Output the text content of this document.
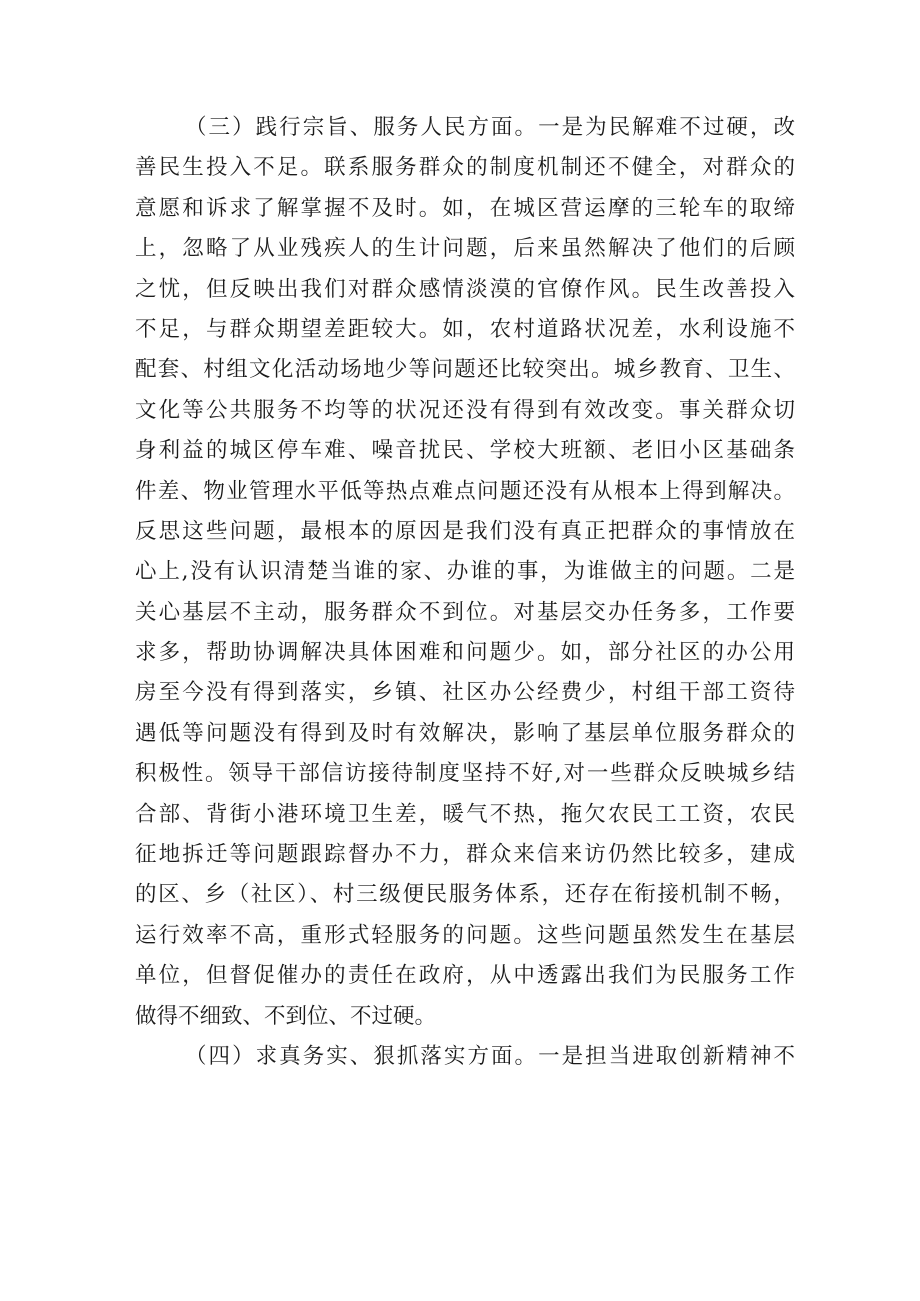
（三）践行宗旨、服务人民方面。一是为民解难不过硬，改
善民生投入不足。联系服务群众的制度机制还不健全，对群众的
意愿和诉求了解掌握不及时。如，在城区营运摩的三轮车的取缔
上，忽略了从业残疾人的生计问题，后来虽然解决了他们的后顾
之忧，但反映出我们对群众感情淡漠的官僚作风。民生改善投入
不足，与群众期望差距较大。如，农村道路状况差，水利设施不
配套、村组文化活动场地少等问题还比较突出。城乡教育、卫生、
文化等公共服务不均等的状况还没有得到有效改变。事关群众切
身利益的城区停车难、噪音扰民、学校大班额、老旧小区基础条
件差、物业管理水平低等热点难点问题还没有从根本上得到解决。
反思这些问题，最根本的原因是我们没有真正把群众的事情放在
心上,没有认识清楚当谁的家、办谁的事，为谁做主的问题。二是
关心基层不主动，服务群众不到位。对基层交办任务多，工作要
求多，帮助协调解决具体困难和问题少。如，部分社区的办公用
房至今没有得到落实，乡镇、社区办公经费少，村组干部工资待
遇低等问题没有得到及时有效解决，影响了基层单位服务群众的
积极性。领导干部信访接待制度坚持不好,对一些群众反映城乡结
合部、背街小港环境卫生差，暖气不热，拖欠农民工工资，农民
征地拆迁等问题跟踪督办不力，群众来信来访仍然比较多，建成
的区、乡（社区）、村三级便民服务体系，还存在衔接机制不畅，
运行效率不高，重形式轻服务的问题。这些问题虽然发生在基层
单位，但督促催办的责任在政府，从中透露出我们为民服务工作
做得不细致、不到位、不过硬。
（四）求真务实、狠抓落实方面。一是担当进取创新精神不
